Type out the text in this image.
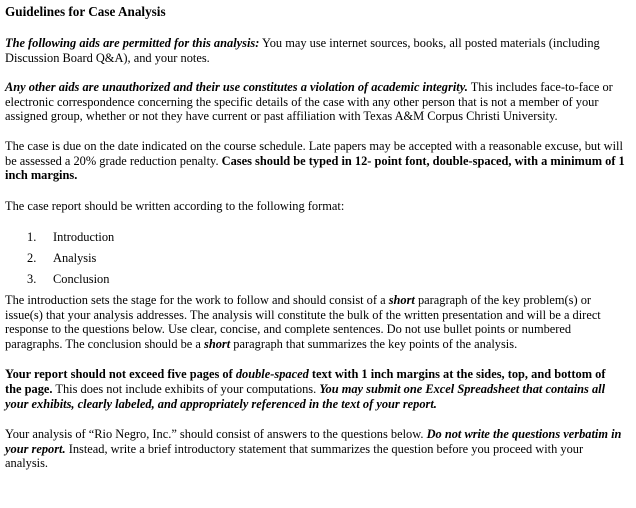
Guidelines for Case Analysis

The following aids are permitted for this analysis: You may use internet sources, books, all posted materials (including Discussion Board Q&A), and your notes.

Any other aids are unauthorized and their use constitutes a violation of academic integrity. This includes face-to-face or electronic correspondence concerning the specific details of the case with any other person that is not a member of your assigned group, whether or not they have current or past affiliation with Texas A&M Corpus Christi University.

The case is due on the date indicated on the course schedule. Late papers may be accepted with a reasonable excuse, but will be assessed a 20% grade reduction penalty. Cases should be typed in 12- point font, double-spaced, with a minimum of 1 inch margins.

The case report should be written according to the following format:

1.	Introduction
2.	Analysis
3.	Conclusion

The introduction sets the stage for the work to follow and should consist of a short paragraph of the key problem(s) or issue(s) that your analysis addresses. The analysis will constitute the bulk of the written presentation and will be a direct response to the questions below. Use clear, concise, and complete sentences. Do not use bullet points or numbered paragraphs. The conclusion should be a short paragraph that summarizes the key points of the analysis.

Your report should not exceed five pages of double-spaced text with 1 inch margins at the sides, top, and bottom of the page. This does not include exhibits of your computations. You may submit one Excel Spreadsheet that contains all your exhibits, clearly labeled, and appropriately referenced in the text of your report.

Your analysis of “Rio Negro, Inc.” should consist of answers to the questions below. Do not write the questions verbatim in your report. Instead, write a brief introductory statement that summarizes the question before you proceed with your analysis.
